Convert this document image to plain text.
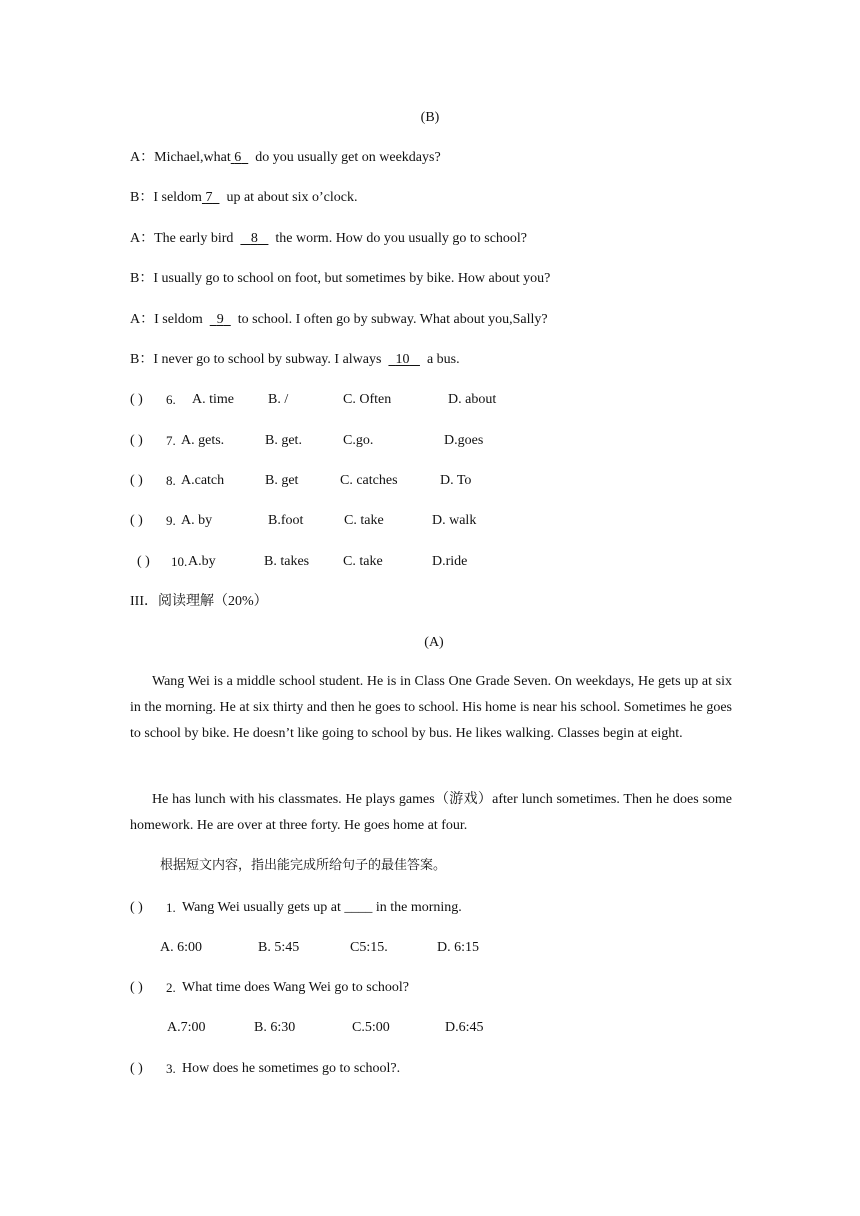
(B)
A：Michael,what 6 do you usually get on weekdays?
B：I seldom 7 up at about six o’clock.
A：The early bird 8 the worm. How do you usually go to school?
B：I usually go to school on foot, but sometimes by bike. How about you?
A：I seldom 9 to school. I often go by subway. What about you,Sally?
B：I never go to school by subway. I always 10 a bus.
( ) 6. A. time B. /	C. Often	D. about
( ) 7. A. gets.	B. get.	C.go.	D.goes
( ) 8. A.catch	B. get	C. catches	D. To
( ) 9. A. by	B.foot	C. take	D. walk
( ) 10. A.by	B. takes C. take	D.ride
III．阅读理解（20%）
(A)
Wang Wei is a middle school student. He is in Class One Grade Seven. On weekdays, He gets up at six in the morning. He at six thirty and then he goes to school. His home is near his school. Sometimes he goes to school by bike. He doesn’t like going to school by bus. He likes walking. Classes begin at eight.
He has lunch with his classmates. He plays games（游戏）after lunch sometimes. Then he does some homework. He are over at three forty. He goes home at four.
根据短文内容，指出能完成所给句子的最佳答案。
( ) 1. Wang Wei usually gets up at ____ in the morning.
A. 6:00	B. 5:45	C5:15.	D. 6:15
( ) 2. What time does Wang Wei go to school?
A.7:00	B. 6:30	C.5:00	D.6:45
( ) 3. How does he sometimes go to school?.
